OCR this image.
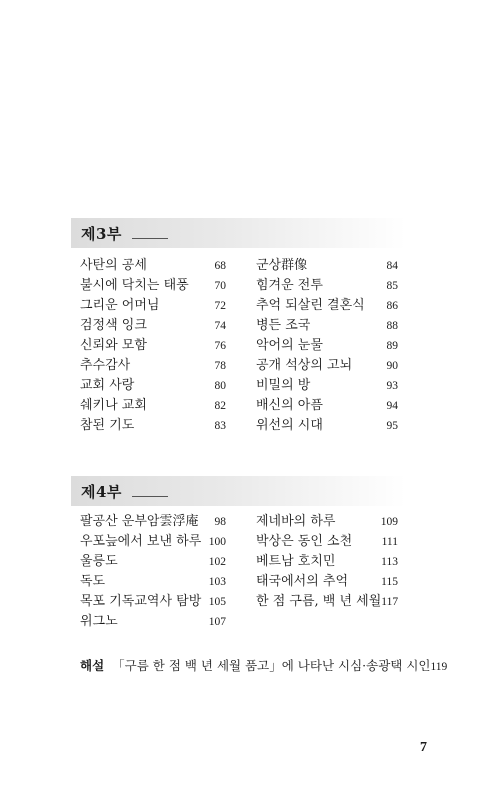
제3부
사탄의 공세	68
불시에 닥치는 태풍 70
그리운 어머님	72
검정색 잉크	74
신뢰와 모함	76
추수감사	78
교회 사랑	80
쉐키나 교회	82
참된 기도	83
군상群像	84
힘겨운 전투	85
추억 되살린 결혼식 86
병든 조국	88
악어의 눈물	89
공개 석상의 고뇌	90
비밀의 방	93
배신의 아픔	94
위선의 시대	95
제4부
팔공산 운부암雲浮庵 98
우포늪에서 보낸 하루 100
울릉도	102
독도	103
목포 기독교역사 탐방 105
위그노	107
제네바의 하루	109
박상은 동인 소천	111
베트남 호치민	113
태국에서의 추억	115
한 점 구름, 백 년 세월 117
해설 「구름 한 점 백 년 세월 품고」에 나타난 시심·송광택 시인 119
7
